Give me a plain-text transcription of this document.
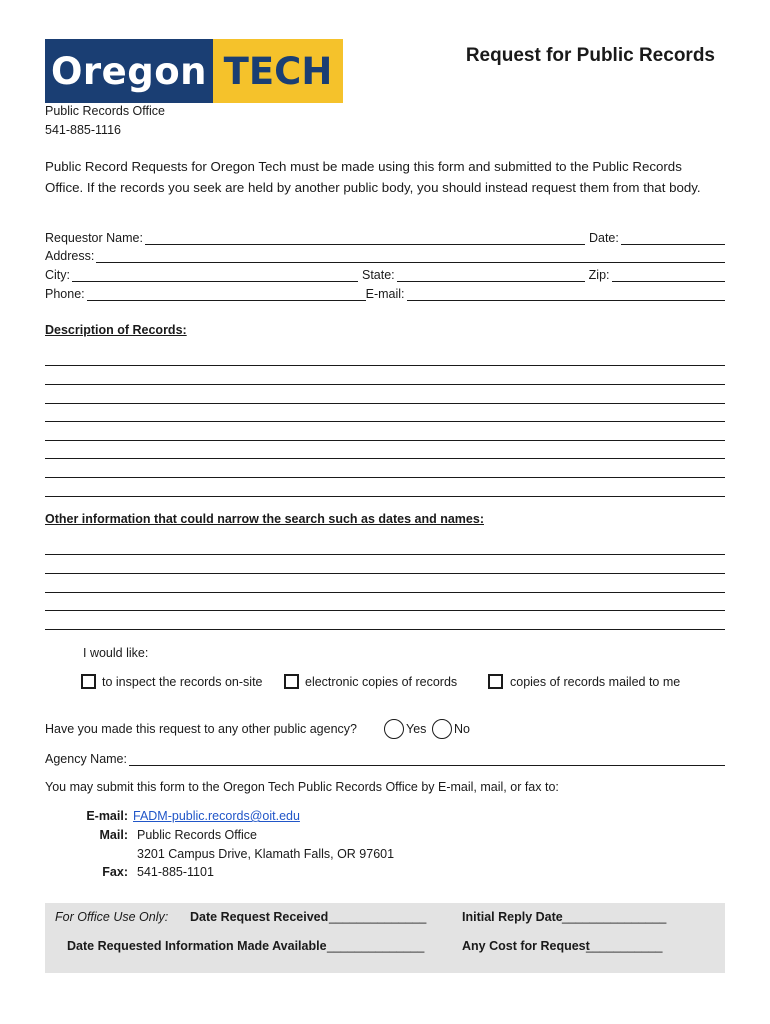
Oregon TECH	Request for Public Records
Public Records Office
541-885-1116
Public Record Requests for Oregon Tech must be made using this form and submitted to the Public Records Office. If the records you seek are held by another public body, you should instead request them from that body.
Requestor Name:	Date:
Address:
City:	State:	Zip:
Phone:	E-mail:
Description of Records:
Other information that could narrow the search such as dates and names:
I would like:
to inspect the records on-site	electronic copies of records	copies of records mailed to me
Have you made this request to any other public agency?	Yes No
Agency Name:
You may submit this form to the Oregon Tech Public Records Office by E-mail, mail, or fax to:
E-mail: FADM-public.records@oit.edu
Mail: Public Records Office
3201 Campus Drive, Klamath Falls, OR 97601
Fax: 541-885-1101
For Office Use Only: Date Request Received ______________	Initial Reply Date _______________
Date Requested Information Made Available ______________	Any Cost for Request
___________
